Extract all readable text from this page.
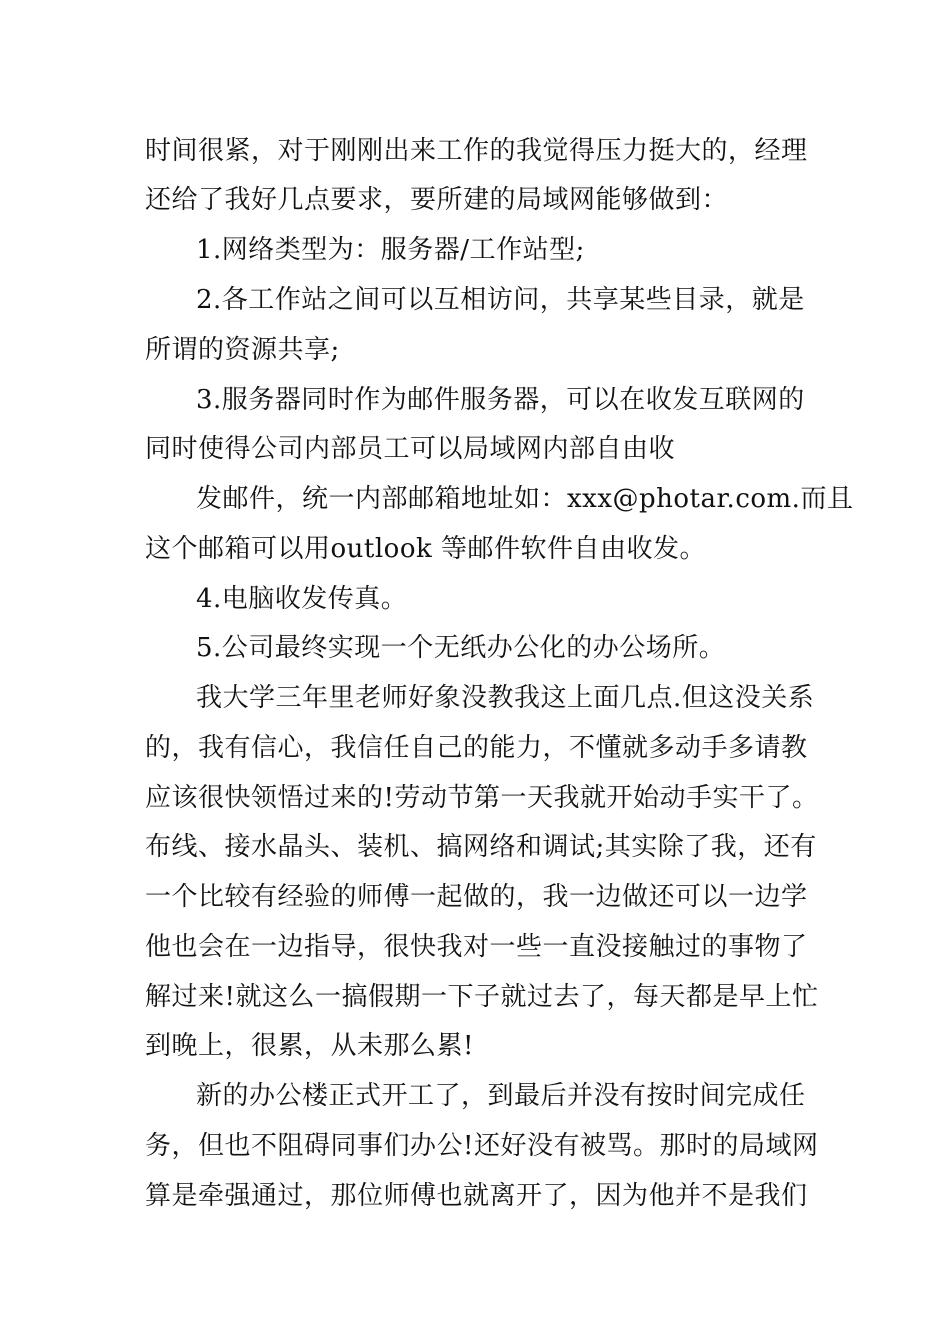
时间很紧，对于刚刚出来工作的我觉得压力挺大的，经理
还给了我好几点要求，要所建的局域网能够做到：
1.网络类型为：服务器/工作站型;
2.各工作站之间可以互相访问，共享某些目录，就是
所谓的资源共享;
3.服务器同时作为邮件服务器，可以在收发互联网的
同时使得公司内部员工可以局域网内部自由收
发邮件，统一内部邮箱地址如：xxx@photar.com.而且
这个邮箱可以用outlook 等邮件软件自由收发。
4.电脑收发传真。
5.公司最终实现一个无纸办公化的办公场所。
我大学三年里老师好象没教我这上面几点.但这没关系
的，我有信心，我信任自己的能力，不懂就多动手多请教
应该很快领悟过来的!劳动节第一天我就开始动手实干了。
布线、接水晶头、装机、搞网络和调试;其实除了我，还有
一个比较有经验的师傅一起做的，我一边做还可以一边学
他也会在一边指导，很快我对一些一直没接触过的事物了
解过来!就这么一搞假期一下子就过去了，每天都是早上忙
到晚上，很累，从未那么累!
新的办公楼正式开工了，到最后并没有按时间完成任
务，但也不阻碍同事们办公!还好没有被骂。那时的局域网
算是牵强通过，那位师傅也就离开了，因为他并不是我们
